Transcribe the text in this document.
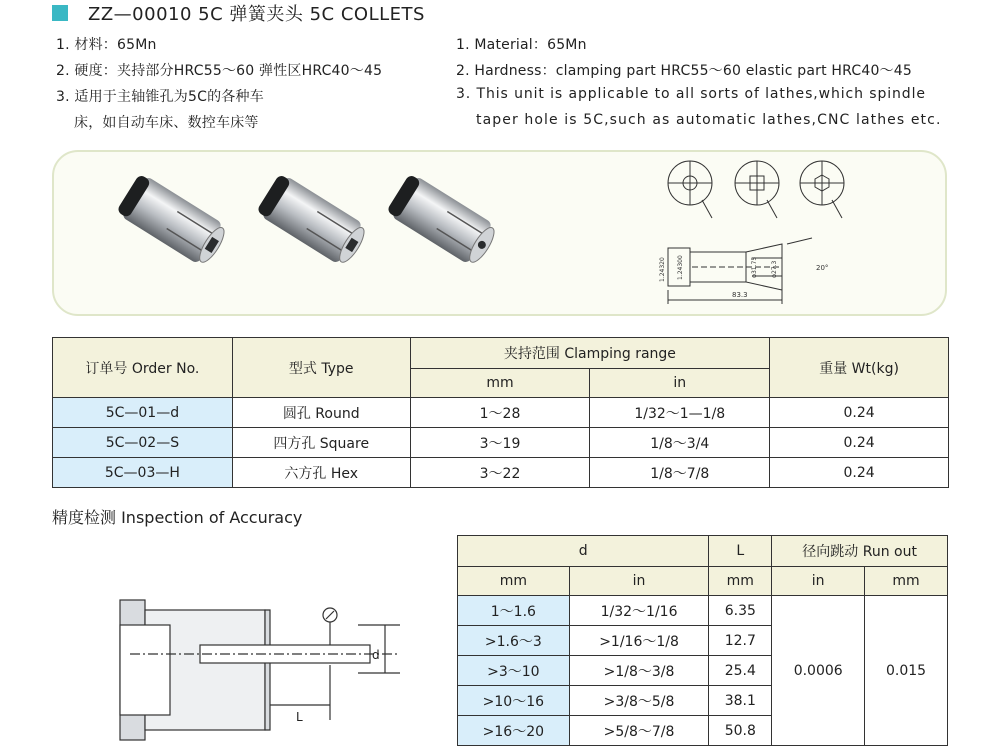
ZZ—00010 5C 弹簧夹头 5C COLLETS
1. 材料：65Mn
2. 硬度：夹持部分HRC55～60 弹性区HRC40～45
3. 适用于主轴锥孔为5C的各种车
床，如自动车床、数控车床等
1. Material：65Mn
2. Hardness：clamping part HRC55～60 elastic part HRC40～45
3. This unit is applicable to all sorts of lathes,which spindle
taper hole is 5C,such as automatic lathes,CNC lathes etc.
83.3
20°
1.24320 1.24300	φ31.75 φ27.3
订单号 Order No.	型式 Type	夹持范围 Clamping range		重量 Wt(kg)
		mm	in	
5C—01—d	圆孔 Round	1～28	1/32～1—1/8	0.24
5C—02—S	四方孔 Square	3～19	1/8～3/4	0.24
5C—03—H	六方孔 Hex	3～22	1/8～7/8	0.24
精度检测 Inspection of Accuracy
d
L
d		L	径向跳动 Run out	
mm	in	mm	in	mm
1～1.6	1/32～1/16	6.35	0.0006	0.015
>1.6～3	>1/16～1/8	12.7		
>3～10	>1/8～3/8	25.4		
>10～16	>3/8～5/8	38.1		
>16～20	>5/8～7/8	50.8		
